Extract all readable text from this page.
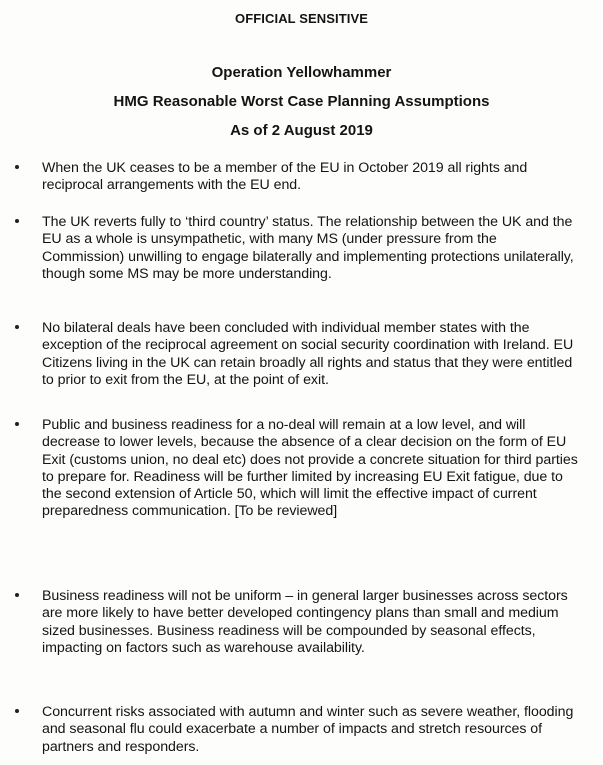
OFFICIAL SENSITIVE

Operation Yellowhammer

HMG Reasonable Worst Case Planning Assumptions

As of 2 August 2019

When the UK ceases to be a member of the EU in October 2019 all rights and reciprocal arrangements with the EU end.

The UK reverts fully to ‘third country’ status. The relationship between the UK and the EU as a whole is unsympathetic, with many MS (under pressure from the Commission) unwilling to engage bilaterally and implementing protections unilaterally, though some MS may be more understanding.

No bilateral deals have been concluded with individual member states with the exception of the reciprocal agreement on social security coordination with Ireland. EU Citizens living in the UK can retain broadly all rights and status that they were entitled to prior to exit from the EU, at the point of exit.

Public and business readiness for a no-deal will remain at a low level, and will decrease to lower levels, because the absence of a clear decision on the form of EU Exit (customs union, no deal etc) does not provide a concrete situation for third parties to prepare for. Readiness will be further limited by increasing EU Exit fatigue, due to the second extension of Article 50, which will limit the effective impact of current preparedness communication. [To be reviewed]

Business readiness will not be uniform – in general larger businesses across sectors are more likely to have better developed contingency plans than small and medium sized businesses. Business readiness will be compounded by seasonal effects, impacting on factors such as warehouse availability.

Concurrent risks associated with autumn and winter such as severe weather, flooding and seasonal flu could exacerbate a number of impacts and stretch resources of partners and responders.
